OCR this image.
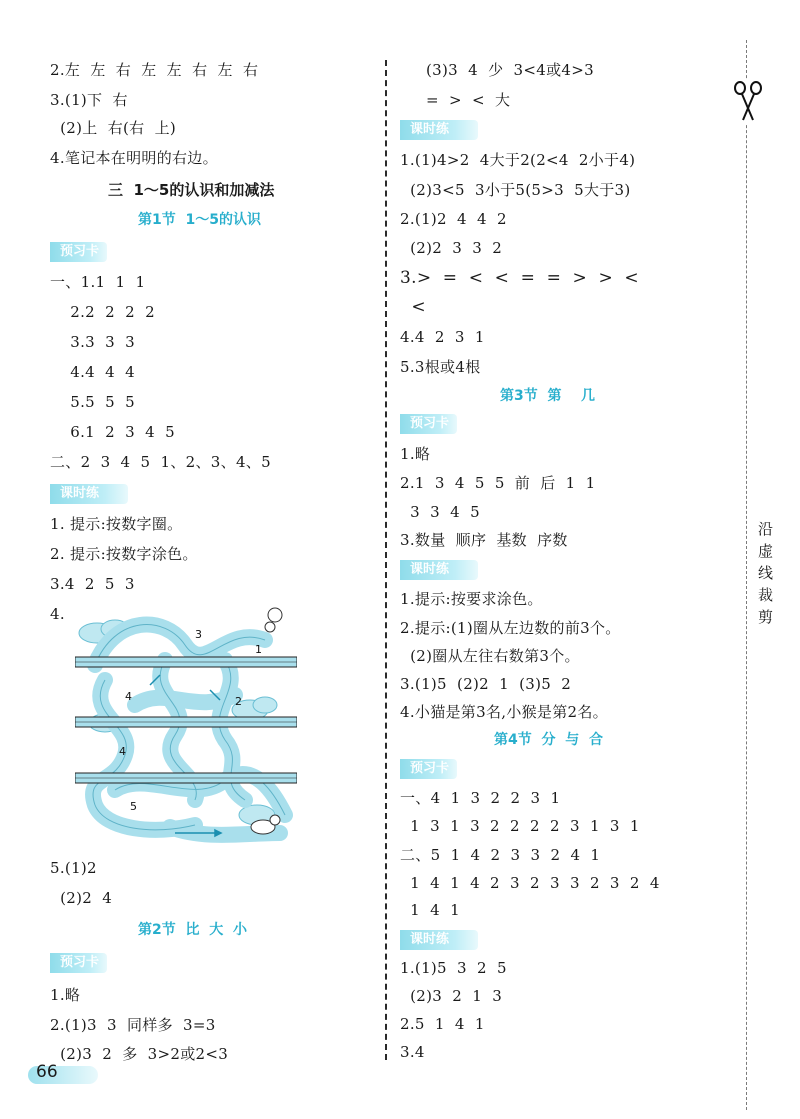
2.左  左  右  左  左  右  左  右
3.(1)下  右
(2)上  右(右  上)
4.笔记本在明明的右边。
三  1～5的认识和加减法
第1节  1～5的认识
预习卡
一、1.1  1  1
2.2  2  2  2
3.3  3  3
4.4  4  4
5.5  5  5
6.1  2  3  4  5
二、2  3  4  5  1、2、3、4、5
课时练
1. 提示:按数字圈。
2. 提示:按数字涂色。
3.4  2  5  3
4.
1
2
3
4
4
5
5.(1)2
(2)2  4
第2节  比  大  小
预习卡
1.略
2.(1)3  3  同样多  3=3
(2)3  2  多  3>2或2<3
66
(3)3  4  少  3<4或4>3
=  >  <  大
课时练
1.(1)4>2  4大于2(2<4  2小于4)
(2)3<5  3小于5(5>3  5大于3)
2.(1)2  4  4  2
(2)2  3  3  2
3.>  =  <  <  =  =  >  >  <
<
4.4  2  3  1
5.3根或4根
第3节  第    几
预习卡
1.略
2.1  3  4  5  5  前  后  1  1
3  3  4  5
3.数量  顺序  基数  序数
课时练
1.提示:按要求涂色。
2.提示:(1)圈从左边数的前3个。
(2)圈从左往右数第3个。
3.(1)5  (2)2  1  (3)5  2
4.小猫是第3名,小猴是第2名。
第4节  分  与  合
预习卡
一、4  1  3  2  2  3  1
1  3  1  3  2  2  2  2  3  1  3  1
二、5  1  4  2  3  3  2  4  1
1  4  1  4  2  3  2  3  3  2  3  2  4
1  4  1
课时练
1.(1)5  3  2  5
(2)3  2  1  3
2.5  1  4  1
3.4
沿虚线裁剪
